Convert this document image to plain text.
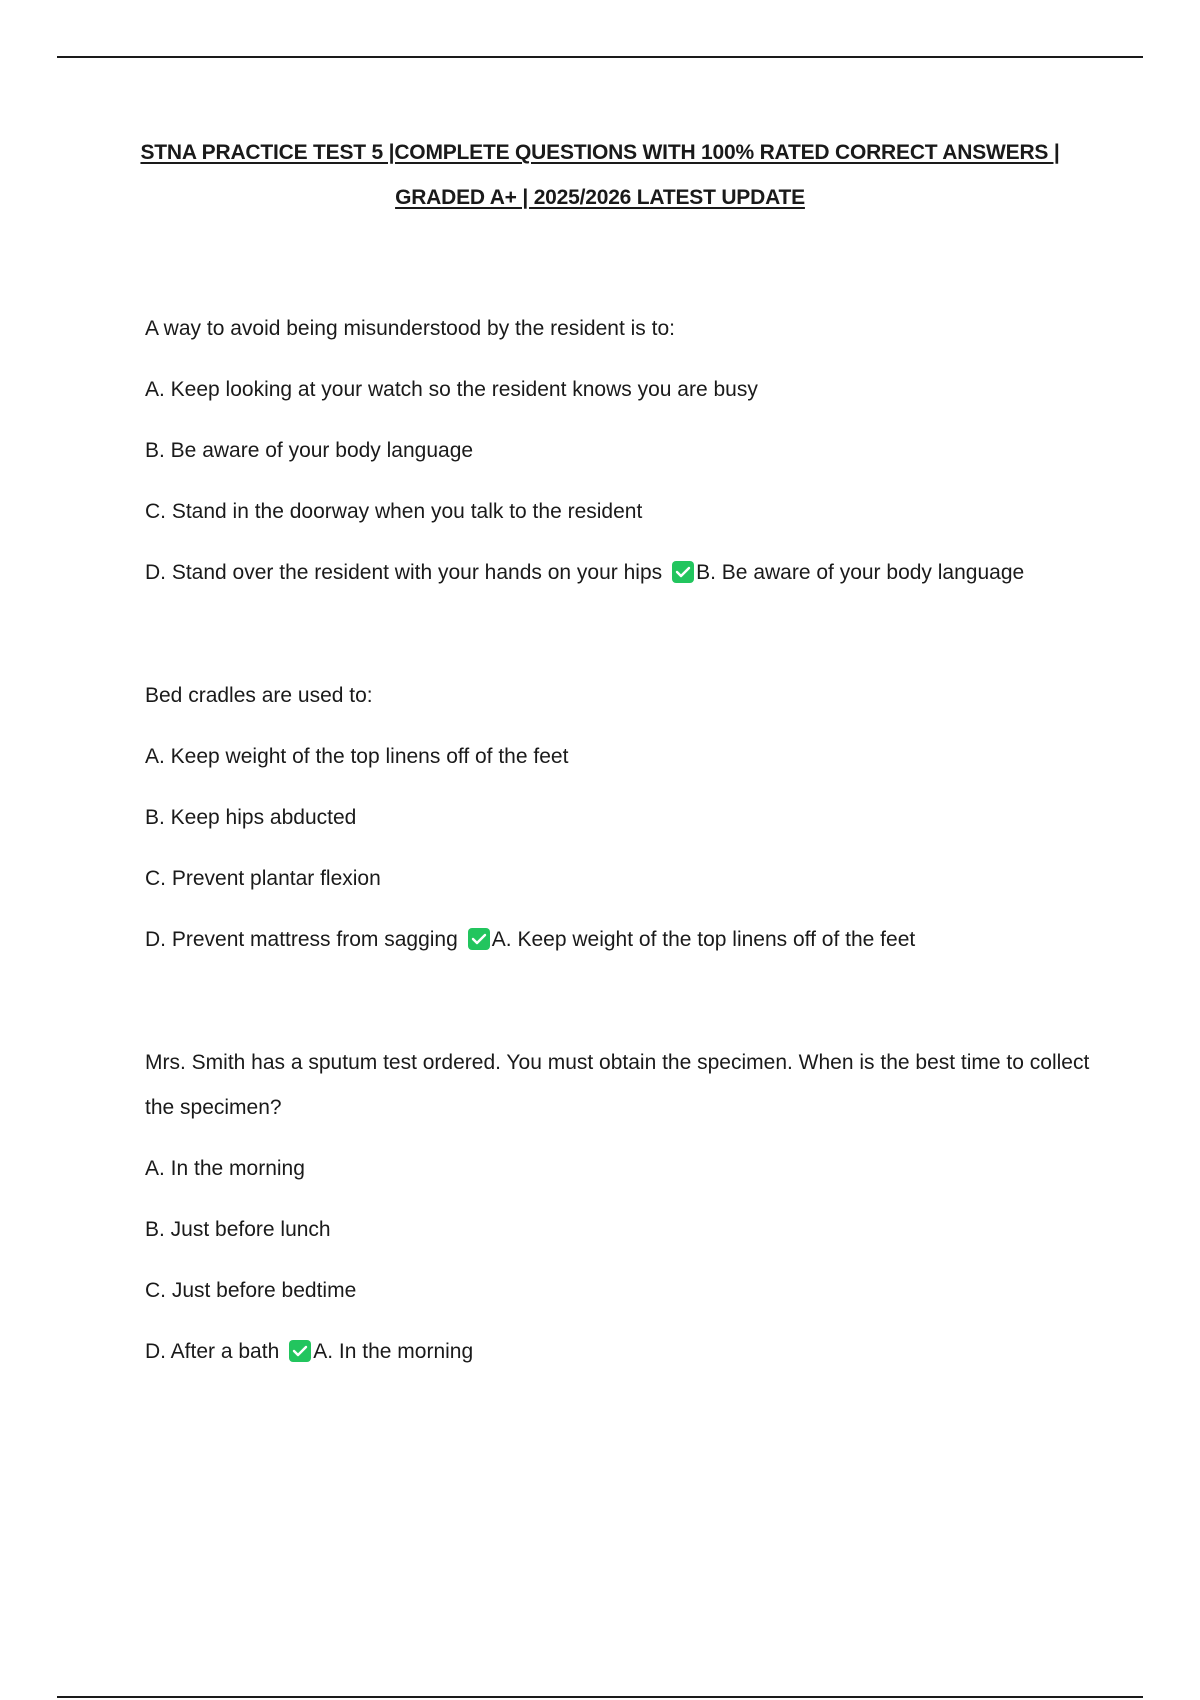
STNA PRACTICE TEST 5 |COMPLETE QUESTIONS WITH 100% RATED CORRECT ANSWERS |
GRADED A+ | 2025/2026 LATEST UPDATE
A way to avoid being misunderstood by the resident is to:
A. Keep looking at your watch so the resident knows you are busy
B. Be aware of your body language
C. Stand in the doorway when you talk to the resident
D. Stand over the resident with your hands on your hips B. Be aware of your body language
Bed cradles are used to:
A. Keep weight of the top linens off of the feet
B. Keep hips abducted
C. Prevent plantar flexion
D. Prevent mattress from sagging A. Keep weight of the top linens off of the feet
Mrs. Smith has a sputum test ordered. You must obtain the specimen. When is the best time to collect the specimen?
A. In the morning
B. Just before lunch
C. Just before bedtime
D. After a bath A. In the morning
